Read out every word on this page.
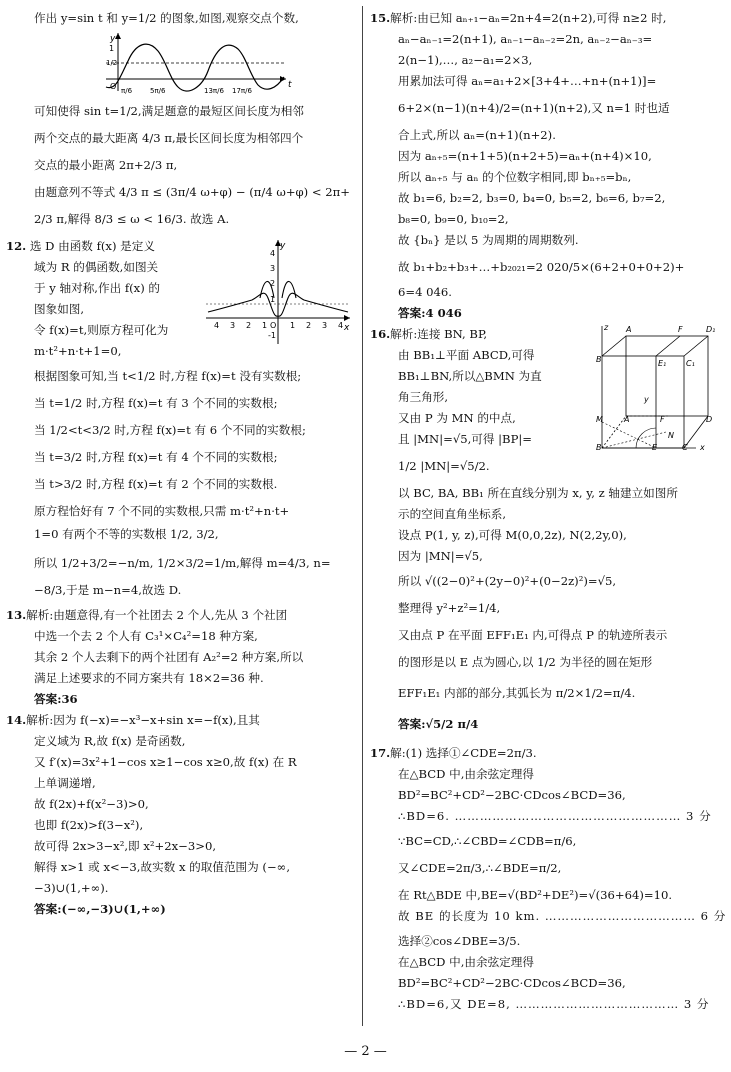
作出 y=sin t 和 y=1/2 的图象,如图,观察交点个数,

y
t
O
1
1/2
π/6	5π/6	13π/6 17π/6

可知使得 sin t=1/2,满足题意的最短区间长度为相邻

两个交点的最大距离 4/3 π,最长区间长度为相邻四个

交点的最小距离 2π+2/3 π,

由题意列不等式 4/3 π ≤ (3π/4 ω+φ) − (π/4 ω+φ) < 2π+

2/3 π,解得 8/3 ≤ ω < 16/3. 故选 A.

12. 选 D 由函数 f(x) 是定义

域为 R 的偶函数,如图关

于 y 轴对称,作出 f(x) 的

图象如图,

令 f(x)=t,则原方程可化为

m·t²+n·t+1=0,

y
x
O
4
3
2
1
-1
4 3 2 1	1 2 3 4

根据图象可知,当 t<1/2 时,方程 f(x)=t 没有实数根;

当 t=1/2 时,方程 f(x)=t 有 3 个不同的实数根;

当 1/2<t<3/2 时,方程 f(x)=t 有 6 个不同的实数根;

当 t=3/2 时,方程 f(x)=t 有 4 个不同的实数根;

当 t>3/2 时,方程 f(x)=t 有 2 个不同的实数根.

原方程恰好有 7 个不同的实数根,只需 m·t²+n·t+

1=0 有两个不等的实数根 1/2, 3/2,

所以 1/2+3/2=−n/m, 1/2×3/2=1/m,解得 m=4/3, n=

−8/3,于是 m−n=4,故选 D.

13.解析:由题意得,有一个社团去 2 个人,先从 3 个社团

中选一个去 2 个人有 C₃¹×C₄²=18 种方案,

其余 2 个人去剩下的两个社团有 A₂²=2 种方案,所以

满足上述要求的不同方案共有 18×2=36 种.

答案:36

14.解析:因为 f(−x)=−x³−x+sin x=−f(x),且其

定义域为 R,故 f(x) 是奇函数,

又 f′(x)=3x²+1−cos x≥1−cos x≥0,故 f(x) 在 R

上单调递增,

故 f(2x)+f(x²−3)>0,

也即 f(2x)>f(3−x²),

故可得 2x>3−x²,即 x²+2x−3>0,

解得 x>1 或 x<−3,故实数 x 的取值范围为 (−∞,

−3)∪(1,+∞).

答案:(−∞,−3)∪(1,+∞)

15.解析:由已知 aₙ₊₁−aₙ=2n+4=2(n+2),可得 n≥2 时,

aₙ−aₙ₋₁=2(n+1), aₙ₋₁−aₙ₋₂=2n, aₙ₋₂−aₙ₋₃=

2(n−1),…, a₂−a₁=2×3,

用累加法可得 aₙ=a₁+2×[3+4+…+n+(n+1)]=

6+2×(n−1)(n+4)/2=(n+1)(n+2),又 n=1 时也适

合上式,所以 aₙ=(n+1)(n+2).

因为 aₙ₊₅=(n+1+5)(n+2+5)=aₙ+(n+4)×10,

所以 aₙ₊₅ 与 aₙ 的个位数字相同,即 bₙ₊₅=bₙ,

故 b₁=6, b₂=2, b₃=0, b₄=0, b₅=2, b₆=6, b₇=2,

b₈=0, b₉=0, b₁₀=2,

故 {bₙ} 是以 5 为周期的周期数列.

故 b₁+b₂+b₃+…+b₂₀₂₁=2 020/5×(6+2+0+0+2)+

6=4 046.

答案:4 046

16.解析:连接 BN, BP,

由 BB₁⊥平面 ABCD,可得

BB₁⊥BN,所以△BMN 为直

角三角形,

又由 P 为 MN 的中点,

且 |MN|=√5,可得 |BP|=

1/2 |MN|=√5/2.

z A	F	D₁
B	E₁ C₁
M
y
A	F	D
B	E
N
C x

以 BC, BA, BB₁ 所在直线分别为 x, y, z 轴建立如图所

示的空间直角坐标系,

设点 P(1, y, z),可得 M(0,0,2z), N(2,2y,0),

因为 |MN|=√5,

所以 √((2−0)²+(2y−0)²+(0−2z)²)=√5,

整理得 y²+z²=1/4,

又由点 P 在平面 EFF₁E₁ 内,可得点 P 的轨迹所表示

的图形是以 E 点为圆心,以 1/2 为半径的圆在矩形

EFF₁E₁ 内部的部分,其弧长为 π/2×1/2=π/4.

答案:√5/2 π/4

17.解:(1) 选择①∠CDE=2π/3.

在△BCD 中,由余弦定理得

BD²=BC²+CD²−2BC·CDcos∠BCD=36,

∴BD=6. ……………………………………………… 3 分

∵BC=CD,∴∠CBD=∠CDB=π/6,

又∠CDE=2π/3,∴∠BDE=π/2,

在 Rt△BDE 中,BE=√(BD²+DE²)=√(36+64)=10.

故 BE 的长度为 10 km. ……………………………… 6 分

选择②cos∠DBE=3/5.

在△BCD 中,由余弦定理得

BD²=BC²+CD²−2BC·CDcos∠BCD=36,

∴BD=6,又 DE=8, ………………………………… 3 分

— 2 —
